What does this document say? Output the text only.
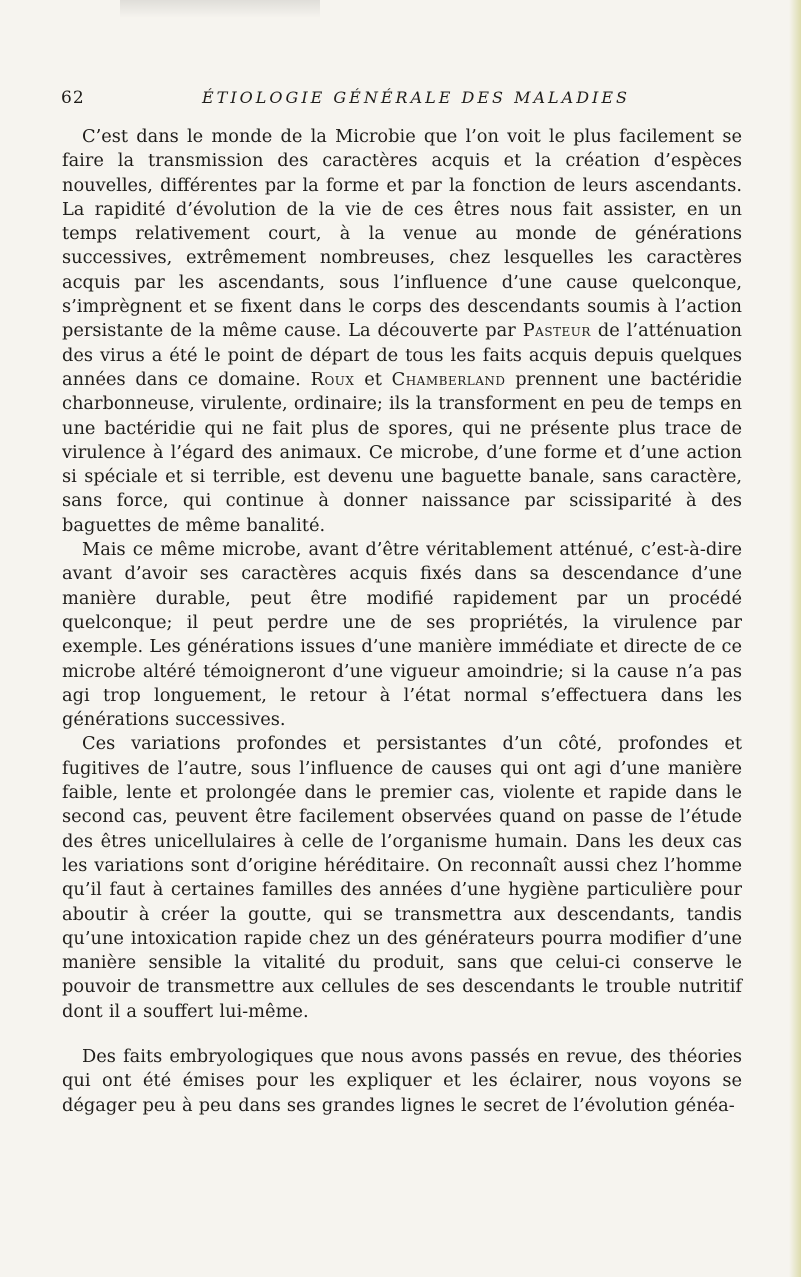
62	ÉTIOLOGIE GÉNÉRALE DES MALADIES

C’est dans le monde de la Microbie que l’on voit le plus facilement se faire la transmission des caractères acquis et la création d’espèces nouvelles, différentes par la forme et par la fonction de leurs ascendants. La rapidité d’évolution de la vie de ces êtres nous fait assister, en un temps relativement court, à la venue au monde de générations successives, extrêmement nombreuses, chez lesquelles les caractères acquis par les ascendants, sous l’influence d’une cause quelconque, s’imprègnent et se fixent dans le corps des descendants soumis à l’action persistante de la même cause. La découverte par Pasteur de l’atténuation des virus a été le point de départ de tous les faits acquis depuis quelques années dans ce domaine. Roux et Chamberland prennent une bactéridie charbonneuse, virulente, ordinaire; ils la transforment en peu de temps en une bactéridie qui ne fait plus de spores, qui ne présente plus trace de virulence à l’égard des animaux. Ce microbe, d’une forme et d’une action si spéciale et si terrible, est devenu une baguette banale, sans caractère, sans force, qui continue à donner naissance par scissiparité à des baguettes de même banalité.

Mais ce même microbe, avant d’être véritablement atténué, c’est-à-dire avant d’avoir ses caractères acquis fixés dans sa descendance d’une manière durable, peut être modifié rapidement par un procédé quelconque; il peut perdre une de ses propriétés, la virulence par exemple. Les générations issues d’une manière immédiate et directe de ce microbe altéré témoigneront d’une vigueur amoindrie; si la cause n’a pas agi trop longuement, le retour à l’état normal s’effectuera dans les générations successives.

Ces variations profondes et persistantes d’un côté, profondes et fugitives de l’autre, sous l’influence de causes qui ont agi d’une manière faible, lente et prolongée dans le premier cas, violente et rapide dans le second cas, peuvent être facilement observées quand on passe de l’étude des êtres unicellulaires à celle de l’organisme humain. Dans les deux cas les variations sont d’origine héréditaire. On reconnaît aussi chez l’homme qu’il faut à certaines familles des années d’une hygiène particulière pour aboutir à créer la goutte, qui se transmettra aux descendants, tandis qu’une intoxication rapide chez un des générateurs pourra modifier d’une manière sensible la vitalité du produit, sans que celui-ci conserve le pouvoir de transmettre aux cellules de ses descendants le trouble nutritif dont il a souffert lui-même.

Des faits embryologiques que nous avons passés en revue, des théories qui ont été émises pour les expliquer et les éclairer, nous voyons se dégager peu à peu dans ses grandes lignes le secret de l’évolution généa-
